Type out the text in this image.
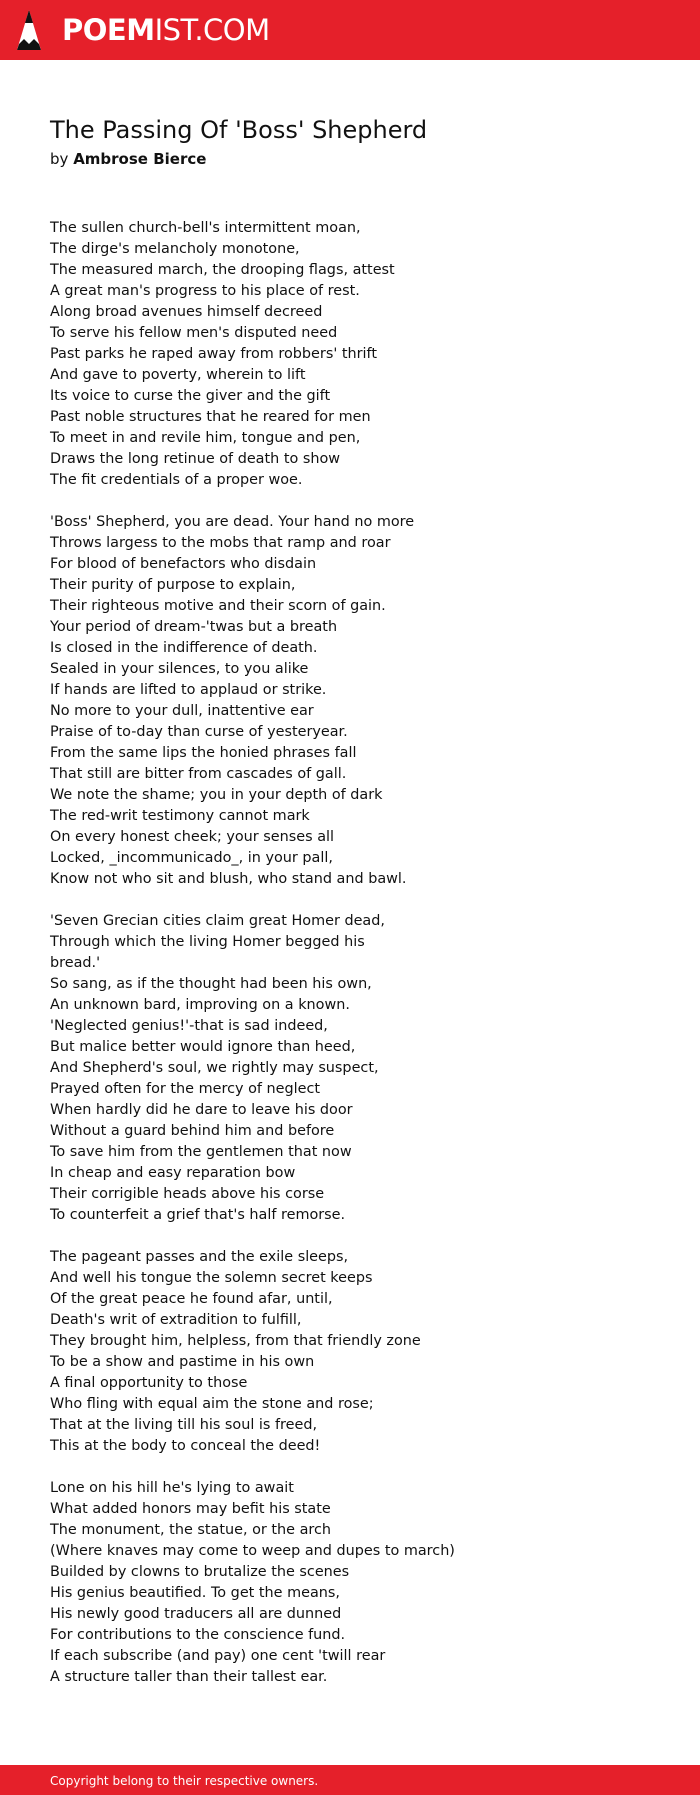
POEMIST.COM
The Passing Of 'Boss' Shepherd
by Ambrose Bierce
The sullen church-bell's intermittent moan,
The dirge's melancholy monotone,
The measured march, the drooping flags, attest
A great man's progress to his place of rest.
Along broad avenues himself decreed
To serve his fellow men's disputed need
Past parks he raped away from robbers' thrift
And gave to poverty, wherein to lift
Its voice to curse the giver and the gift
Past noble structures that he reared for men
To meet in and revile him, tongue and pen,
Draws the long retinue of death to show
The fit credentials of a proper woe.
'Boss' Shepherd, you are dead. Your hand no more
Throws largess to the mobs that ramp and roar
For blood of benefactors who disdain
Their purity of purpose to explain,
Their righteous motive and their scorn of gain.
Your period of dream-'twas but a breath
Is closed in the indifference of death.
Sealed in your silences, to you alike
If hands are lifted to applaud or strike.
No more to your dull, inattentive ear
Praise of to-day than curse of yesteryear.
From the same lips the honied phrases fall
That still are bitter from cascades of gall.
We note the shame; you in your depth of dark
The red-writ testimony cannot mark
On every honest cheek; your senses all
Locked, _incommunicado_, in your pall,
Know not who sit and blush, who stand and bawl.
'Seven Grecian cities claim great Homer dead,
Through which the living Homer begged his
bread.'
So sang, as if the thought had been his own,
An unknown bard, improving on a known.
'Neglected genius!'-that is sad indeed,
But malice better would ignore than heed,
And Shepherd's soul, we rightly may suspect,
Prayed often for the mercy of neglect
When hardly did he dare to leave his door
Without a guard behind him and before
To save him from the gentlemen that now
In cheap and easy reparation bow
Their corrigible heads above his corse
To counterfeit a grief that's half remorse.
The pageant passes and the exile sleeps,
And well his tongue the solemn secret keeps
Of the great peace he found afar, until,
Death's writ of extradition to fulfill,
They brought him, helpless, from that friendly zone
To be a show and pastime in his own
A final opportunity to those
Who fling with equal aim the stone and rose;
That at the living till his soul is freed,
This at the body to conceal the deed!
Lone on his hill he's lying to await
What added honors may befit his state
The monument, the statue, or the arch
(Where knaves may come to weep and dupes to march)
Builded by clowns to brutalize the scenes
His genius beautified. To get the means,
His newly good traducers all are dunned
For contributions to the conscience fund.
If each subscribe (and pay) one cent 'twill rear
A structure taller than their tallest ear.
Copyright belong to their respective owners.
